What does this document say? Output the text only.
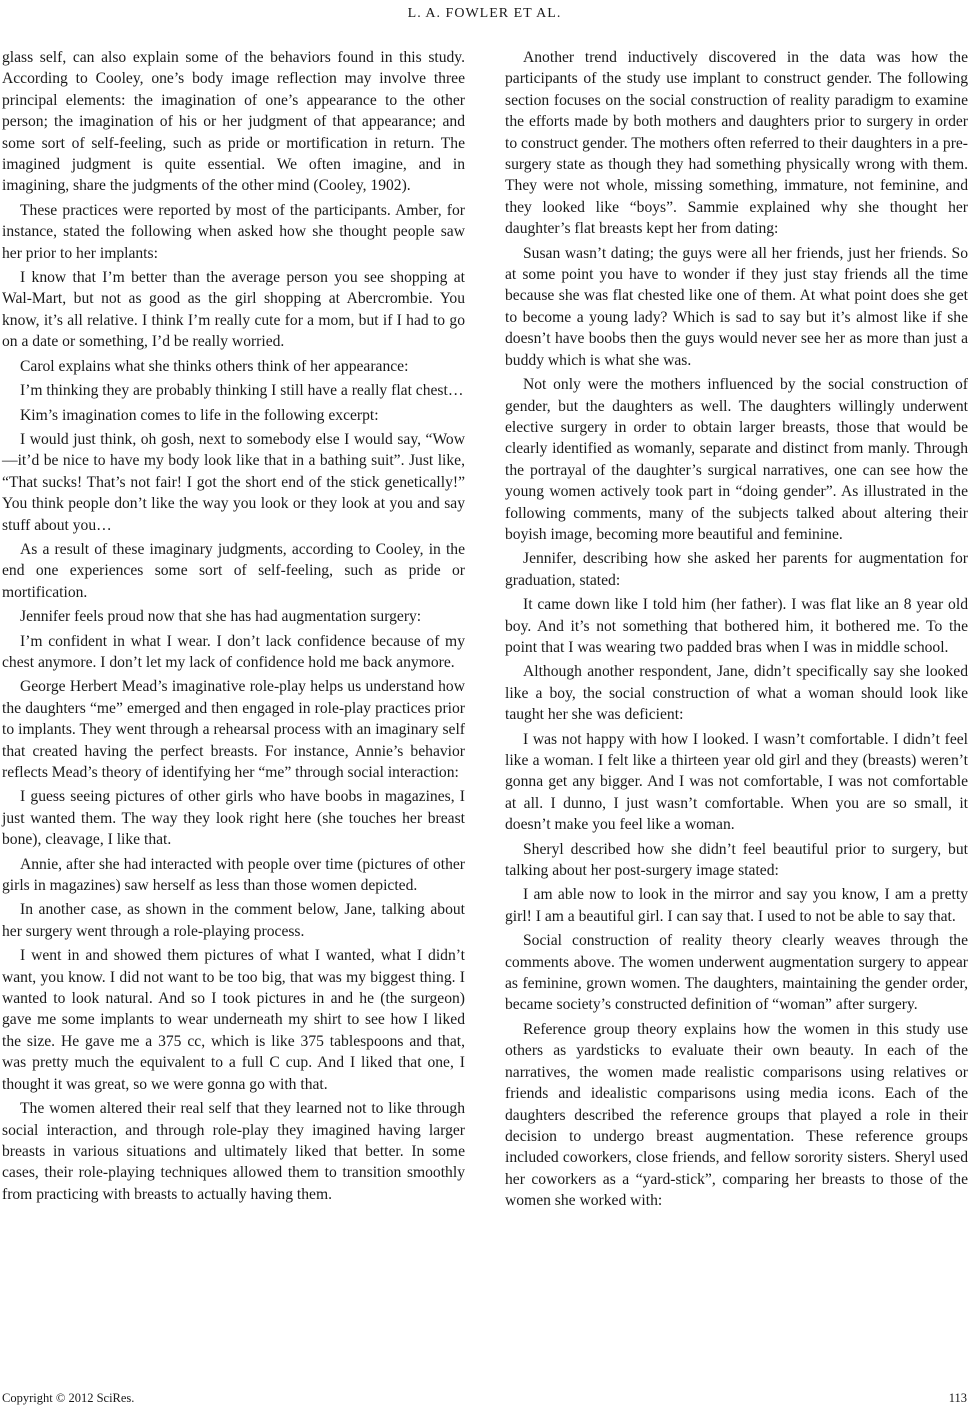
L. A. FOWLER ET AL.

glass self, can also explain some of the behaviors found in this study. According to Cooley, one’s body image reflection may involve three principal elements: the imagination of one’s appearance to the other person; the imagination of his or her judgment of that appearance; and some sort of self-feeling, such as pride or mortification in return. The imagined judgment is quite essential. We often imagine, and in imagining, share the judgments of the other mind (Cooley, 1902).

These practices were reported by most of the participants. Amber, for instance, stated the following when asked how she thought people saw her prior to her implants:

I know that I’m better than the average person you see shopping at Wal-Mart, but not as good as the girl shopping at Abercrombie. You know, it’s all relative. I think I’m really cute for a mom, but if I had to go on a date or something, I’d be really worried.

Carol explains what she thinks others think of her appearance:

I’m thinking they are probably thinking I still have a really flat chest…

Kim’s imagination comes to life in the following excerpt:

I would just think, oh gosh, next to somebody else I would say, “Wow—it’d be nice to have my body look like that in a bathing suit”. Just like, “That sucks! That’s not fair! I got the short end of the stick genetically!” You think people don’t like the way you look or they look at you and say stuff about you…

As a result of these imaginary judgments, according to Cooley, in the end one experiences some sort of self-feeling, such as pride or mortification.

Jennifer feels proud now that she has had augmentation surgery:

I’m confident in what I wear. I don’t lack confidence because of my chest anymore. I don’t let my lack of confidence hold me back anymore.

George Herbert Mead’s imaginative role-play helps us understand how the daughters “me” emerged and then engaged in role-play practices prior to implants. They went through a rehearsal process with an imaginary self that created having the perfect breasts. For instance, Annie’s behavior reflects Mead’s theory of identifying her “me” through social interaction:

I guess seeing pictures of other girls who have boobs in magazines, I just wanted them. The way they look right here (she touches her breast bone), cleavage, I like that.

Annie, after she had interacted with people over time (pictures of other girls in magazines) saw herself as less than those women depicted.

In another case, as shown in the comment below, Jane, talking about her surgery went through a role-playing process.

I went in and showed them pictures of what I wanted, what I didn’t want, you know. I did not want to be too big, that was my biggest thing. I wanted to look natural. And so I took pictures in and he (the surgeon) gave me some implants to wear underneath my shirt to see how I liked the size. He gave me a 375 cc, which is like 375 tablespoons and that, was pretty much the equivalent to a full C cup. And I liked that one, I thought it was great, so we were gonna go with that.

The women altered their real self that they learned not to like through social interaction, and through role-play they imagined having larger breasts in various situations and ultimately liked that better. In some cases, their role-playing techniques allowed them to transition smoothly from practicing with breasts to actually having them.

Another trend inductively discovered in the data was how the participants of the study use implant to construct gender. The following section focuses on the social construction of reality paradigm to examine the efforts made by both mothers and daughters prior to surgery in order to construct gender. The mothers often referred to their daughters in a pre-surgery state as though they had something physically wrong with them. They were not whole, missing something, immature, not feminine, and they looked like “boys”. Sammie explained why she thought her daughter’s flat breasts kept her from dating:

Susan wasn’t dating; the guys were all her friends, just her friends. So at some point you have to wonder if they just stay friends all the time because she was flat chested like one of them. At what point does she get to become a young lady? Which is sad to say but it’s almost like if she doesn’t have boobs then the guys would never see her as more than just a buddy which is what she was.

Not only were the mothers influenced by the social construction of gender, but the daughters as well. The daughters willingly underwent elective surgery in order to obtain larger breasts, those that would be clearly identified as womanly, separate and distinct from manly. Through the portrayal of the daughter’s surgical narratives, one can see how the young women actively took part in “doing gender”. As illustrated in the following comments, many of the subjects talked about altering their boyish image, becoming more beautiful and feminine.

Jennifer, describing how she asked her parents for augmentation for graduation, stated:

It came down like I told him (her father). I was flat like an 8 year old boy. And it’s not something that bothered him, it bothered me. To the point that I was wearing two padded bras when I was in middle school.

Although another respondent, Jane, didn’t specifically say she looked like a boy, the social construction of what a woman should look like taught her she was deficient:

I was not happy with how I looked. I wasn’t comfortable. I didn’t feel like a woman. I felt like a thirteen year old girl and they (breasts) weren’t gonna get any bigger. And I was not comfortable, I was not comfortable at all. I dunno, I just wasn’t comfortable. When you are so small, it doesn’t make you feel like a woman.

Sheryl described how she didn’t feel beautiful prior to surgery, but talking about her post-surgery image stated:

I am able now to look in the mirror and say you know, I am a pretty girl! I am a beautiful girl. I can say that. I used to not be able to say that.

Social construction of reality theory clearly weaves through the comments above. The women underwent augmentation surgery to appear as feminine, grown women. The daughters, maintaining the gender order, became society’s constructed definition of “woman” after surgery.

Reference group theory explains how the women in this study use others as yardsticks to evaluate their own beauty. In each of the narratives, the women made realistic comparisons using relatives or friends and idealistic comparisons using media icons. Each of the daughters described the reference groups that played a role in their decision to undergo breast augmentation. These reference groups included coworkers, close friends, and fellow sorority sisters. Sheryl used her coworkers as a “yard-stick”, comparing her breasts to those of the women she worked with:

Copyright © 2012 SciRes.	113
